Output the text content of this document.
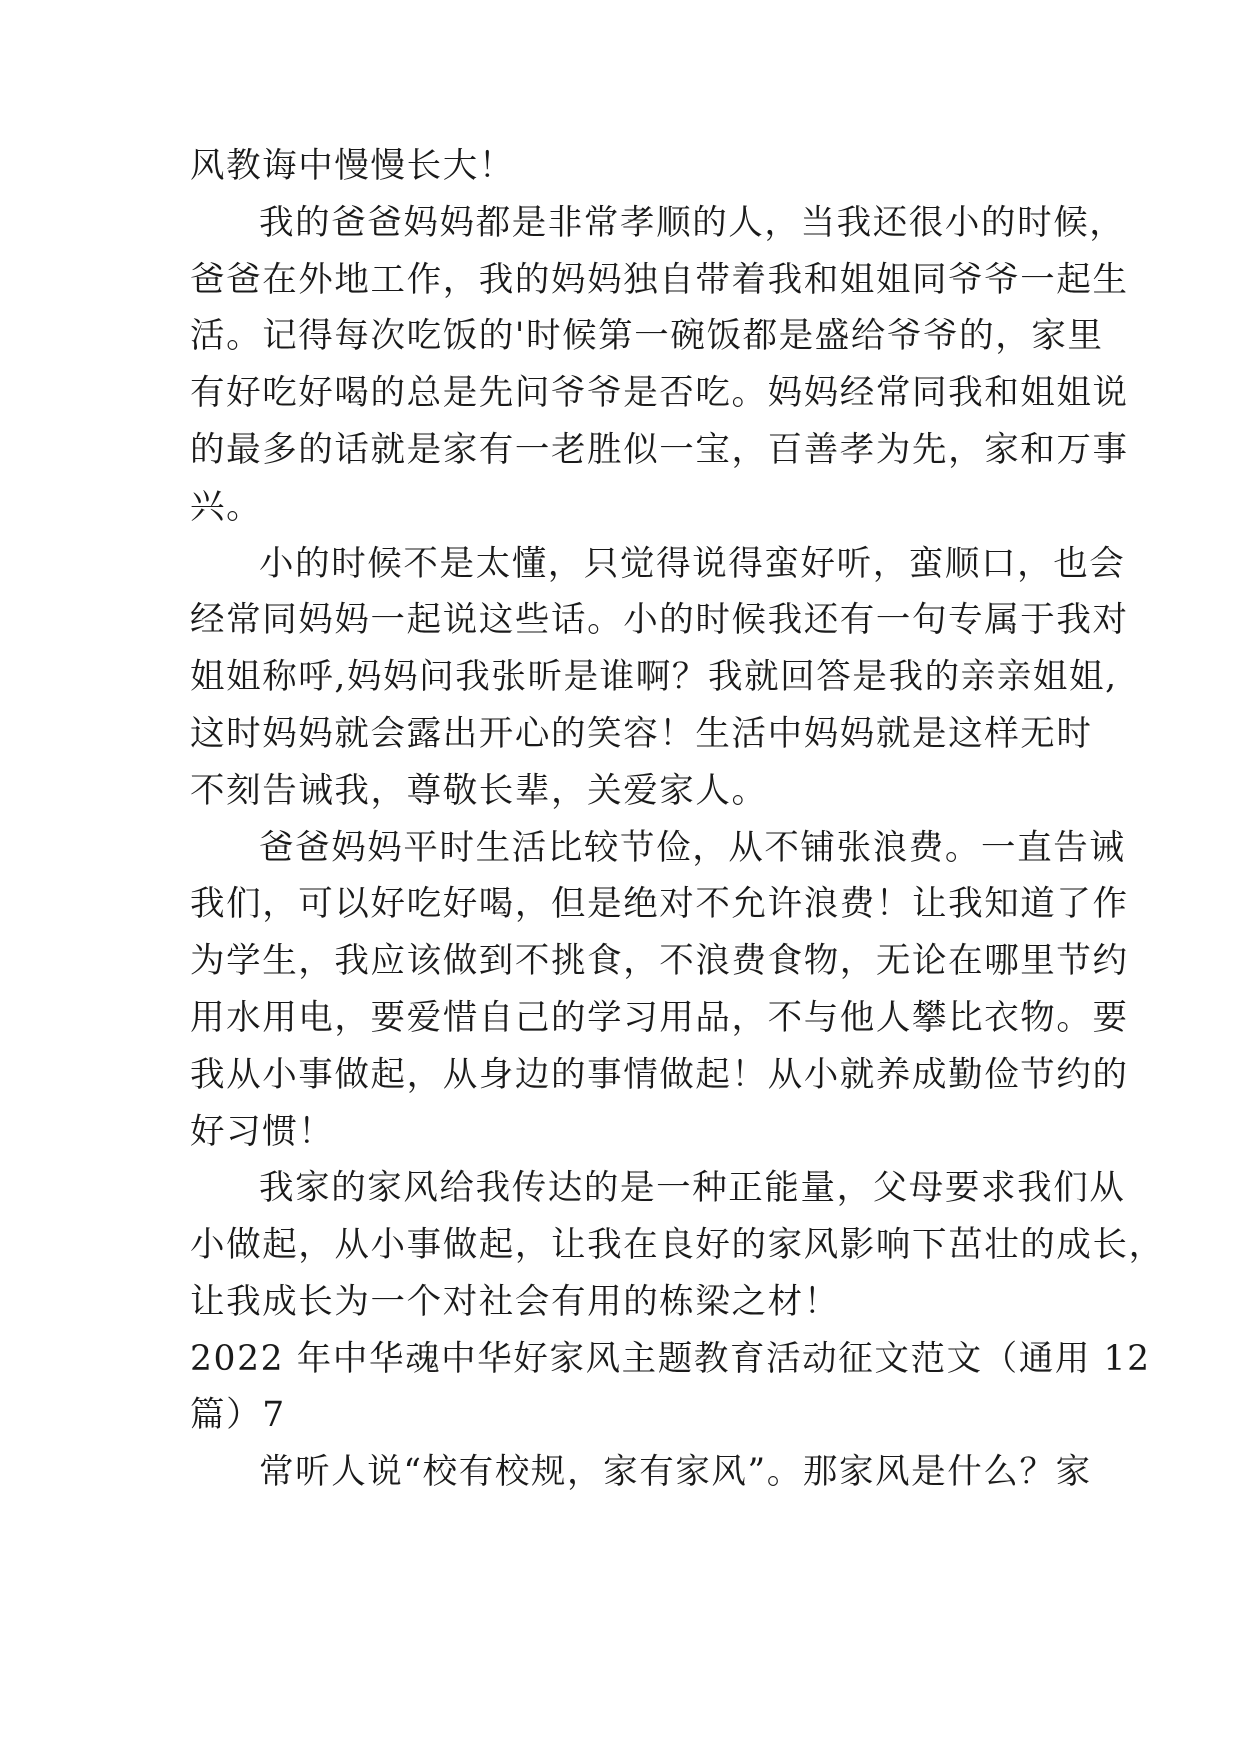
风教诲中慢慢长大！
我的爸爸妈妈都是非常孝顺的人，当我还很小的时候，
爸爸在外地工作，我的妈妈独自带着我和姐姐同爷爷一起生
活。记得每次吃饭的'时候第一碗饭都是盛给爷爷的，家里
有好吃好喝的总是先问爷爷是否吃。妈妈经常同我和姐姐说
的最多的话就是家有一老胜似一宝，百善孝为先，家和万事
兴。
小的时候不是太懂，只觉得说得蛮好听，蛮顺口，也会
经常同妈妈一起说这些话。小的时候我还有一句专属于我对
姐姐称呼,妈妈问我张昕是谁啊？我就回答是我的亲亲姐姐,
这时妈妈就会露出开心的笑容！生活中妈妈就是这样无时
不刻告诫我，尊敬长辈，关爱家人。
爸爸妈妈平时生活比较节俭，从不铺张浪费。一直告诫
我们，可以好吃好喝，但是绝对不允许浪费！让我知道了作
为学生，我应该做到不挑食，不浪费食物，无论在哪里节约
用水用电，要爱惜自己的学习用品，不与他人攀比衣物。要
我从小事做起，从身边的事情做起！从小就养成勤俭节约的
好习惯！
我家的家风给我传达的是一种正能量，父母要求我们从
小做起，从小事做起，让我在良好的家风影响下茁壮的成长，
让我成长为一个对社会有用的栋梁之材！
2022 年中华魂中华好家风主题教育活动征文范文（通用 12
篇）7
常听人说“校有校规，家有家风”。那家风是什么？家
